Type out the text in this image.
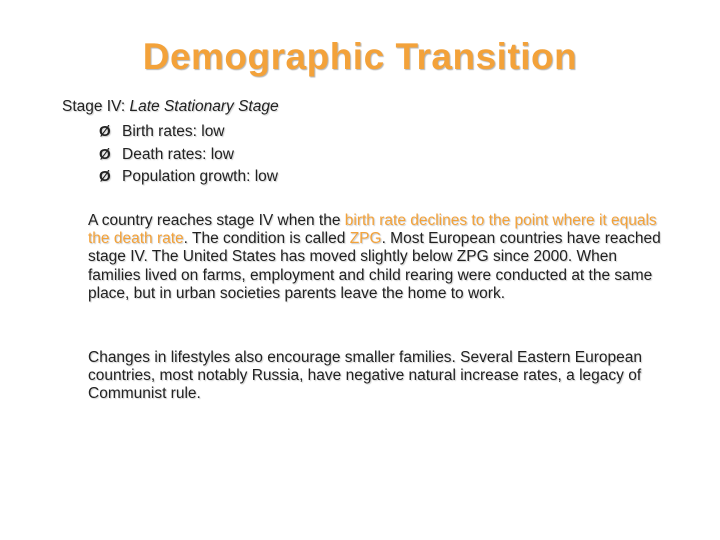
Demographic Transition
Stage IV: Late Stationary Stage
Ø Birth rates: low
Ø Death rates: low
Ø Population growth: low

A country reaches stage IV when the birth rate declines to the point where it equals the death rate. The condition is called ZPG. Most European countries have reached stage IV. The United States has moved slightly below ZPG since 2000. When families lived on farms, employment and child rearing were conducted at the same place, but in urban societies parents leave the home to work.

Changes in lifestyles also encourage smaller families. Several Eastern European countries, most notably Russia, have negative natural increase rates, a legacy of Communist rule.
